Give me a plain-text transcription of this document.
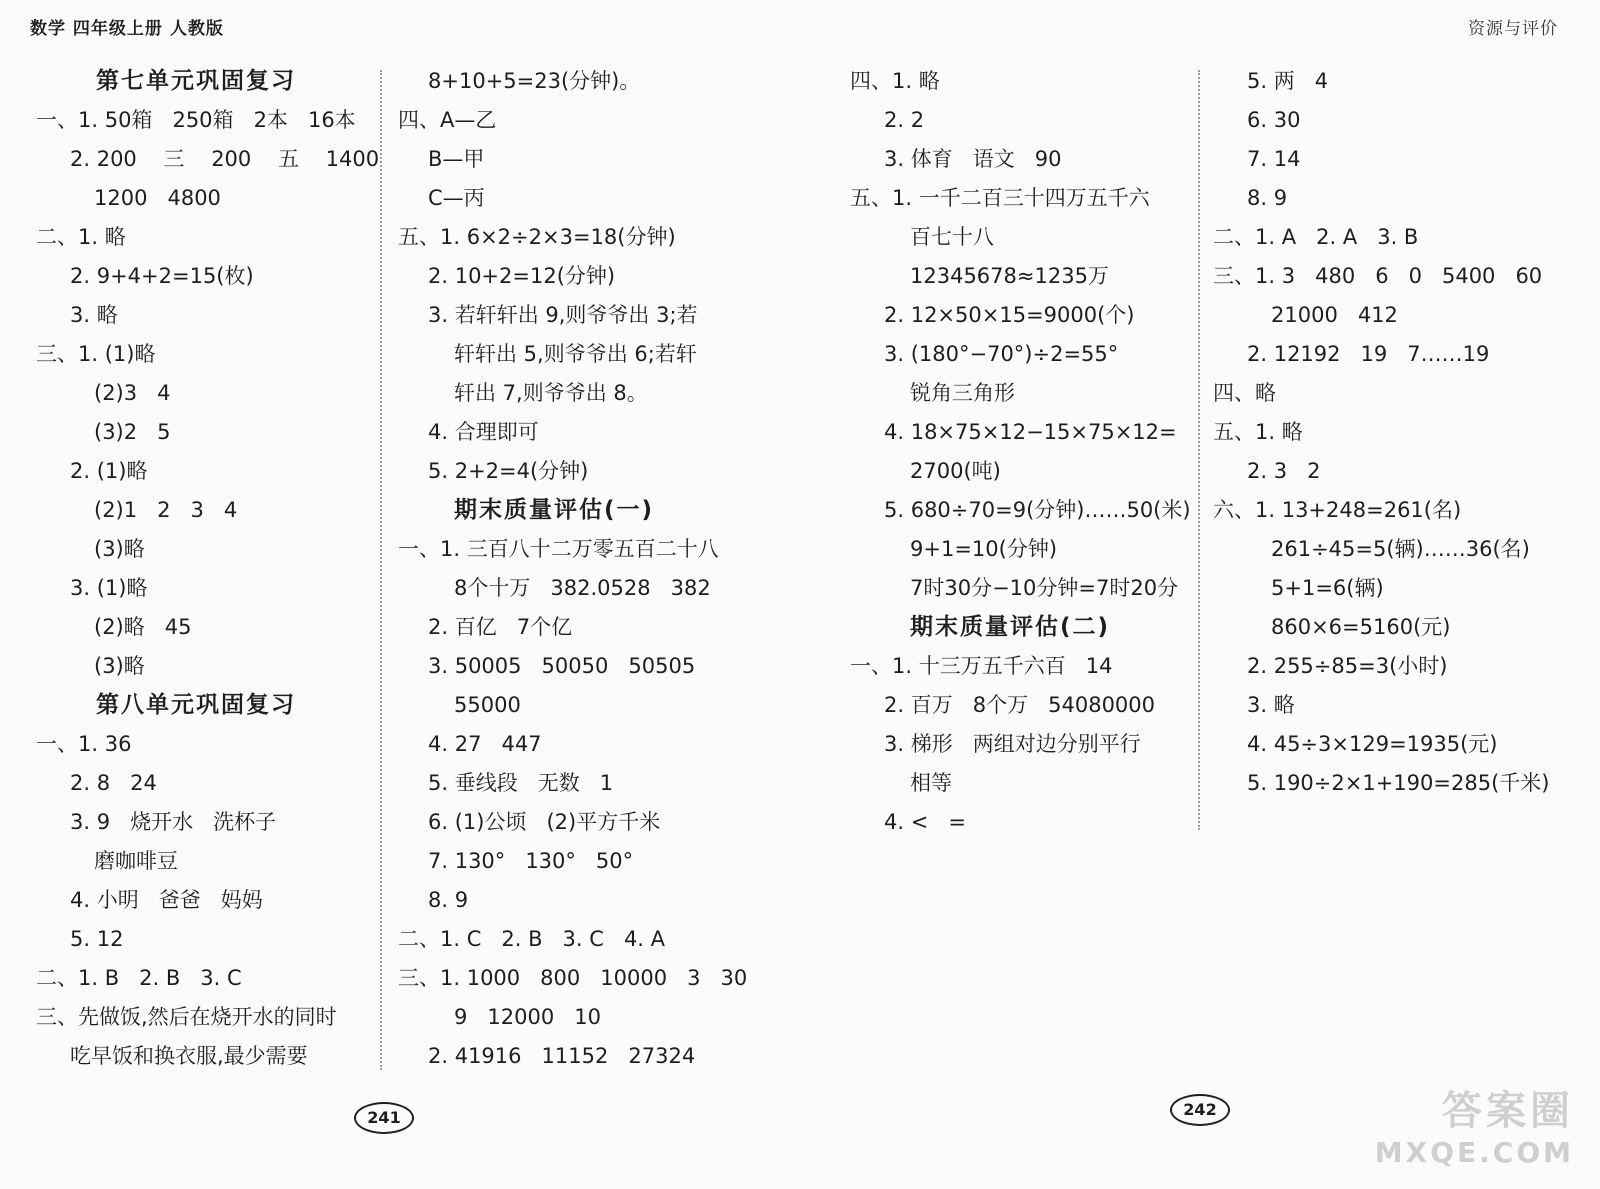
数学 四年级上册 人教版	资源与评价
第七单元巩固复习
一、1. 50箱   250箱   2本   16本
2. 200    三    200    五    1400
1200   4800
二、1. 略
2. 9+4+2=15(枚)
3. 略
三、1. (1)略
(2)3   4
(3)2   5
2. (1)略
(2)1   2   3   4
(3)略
3. (1)略
(2)略   45
(3)略
第八单元巩固复习
一、1. 36
2. 8   24
3. 9   烧开水   洗杯子
磨咖啡豆
4. 小明   爸爸   妈妈
5. 12
二、1. B   2. B   3. C
三、先做饭,然后在烧开水的同时
吃早饭和换衣服,最少需要
8+10+5=23(分钟)。
四、A—乙
B—甲
C—丙
五、1. 6×2÷2×3=18(分钟)
2. 10+2=12(分钟)
3. 若轩轩出 9,则爷爷出 3;若
轩轩出 5,则爷爷出 6;若轩
轩出 7,则爷爷出 8。
4. 合理即可
5. 2+2=4(分钟)
期末质量评估(一)
一、1. 三百八十二万零五百二十八
8个十万   382.0528   382
2. 百亿   7个亿
3. 50005   50050   50505
55000
4. 27   447
5. 垂线段   无数   1
6. (1)公顷   (2)平方千米
7. 130°   130°   50°
8. 9
二、1. C   2. B   3. C   4. A
三、1. 1000   800   10000   3   30
9   12000   10
2. 41916   11152   27324
四、1. 略
2. 2
3. 体育   语文   90
五、1. 一千二百三十四万五千六
百七十八
12345678≈1235万
2. 12×50×15=9000(个)
3. (180°−70°)÷2=55°
锐角三角形
4. 18×75×12−15×75×12=
2700(吨)
5. 680÷70=9(分钟)……50(米)
9+1=10(分钟)
7时30分−10分钟=7时20分
期末质量评估(二)
一、1. 十三万五千六百   14
2. 百万   8个万   54080000
3. 梯形   两组对边分别平行
相等
4. <   =
5. 两   4
6. 30
7. 14
8. 9
二、1. A   2. A   3. B
三、1. 3   480   6   0   5400   60
21000   412
2. 12192   19   7……19
四、略
五、1. 略
2. 3   2
六、1. 13+248=261(名)
261÷45=5(辆)……36(名)
5+1=6(辆)
860×6=5160(元)
2. 255÷85=3(小时)
3. 略
4. 45÷3×129=1935(元)
5. 190÷2×1+190=285(千米)
241	242	答案圈
MXQE.COM
